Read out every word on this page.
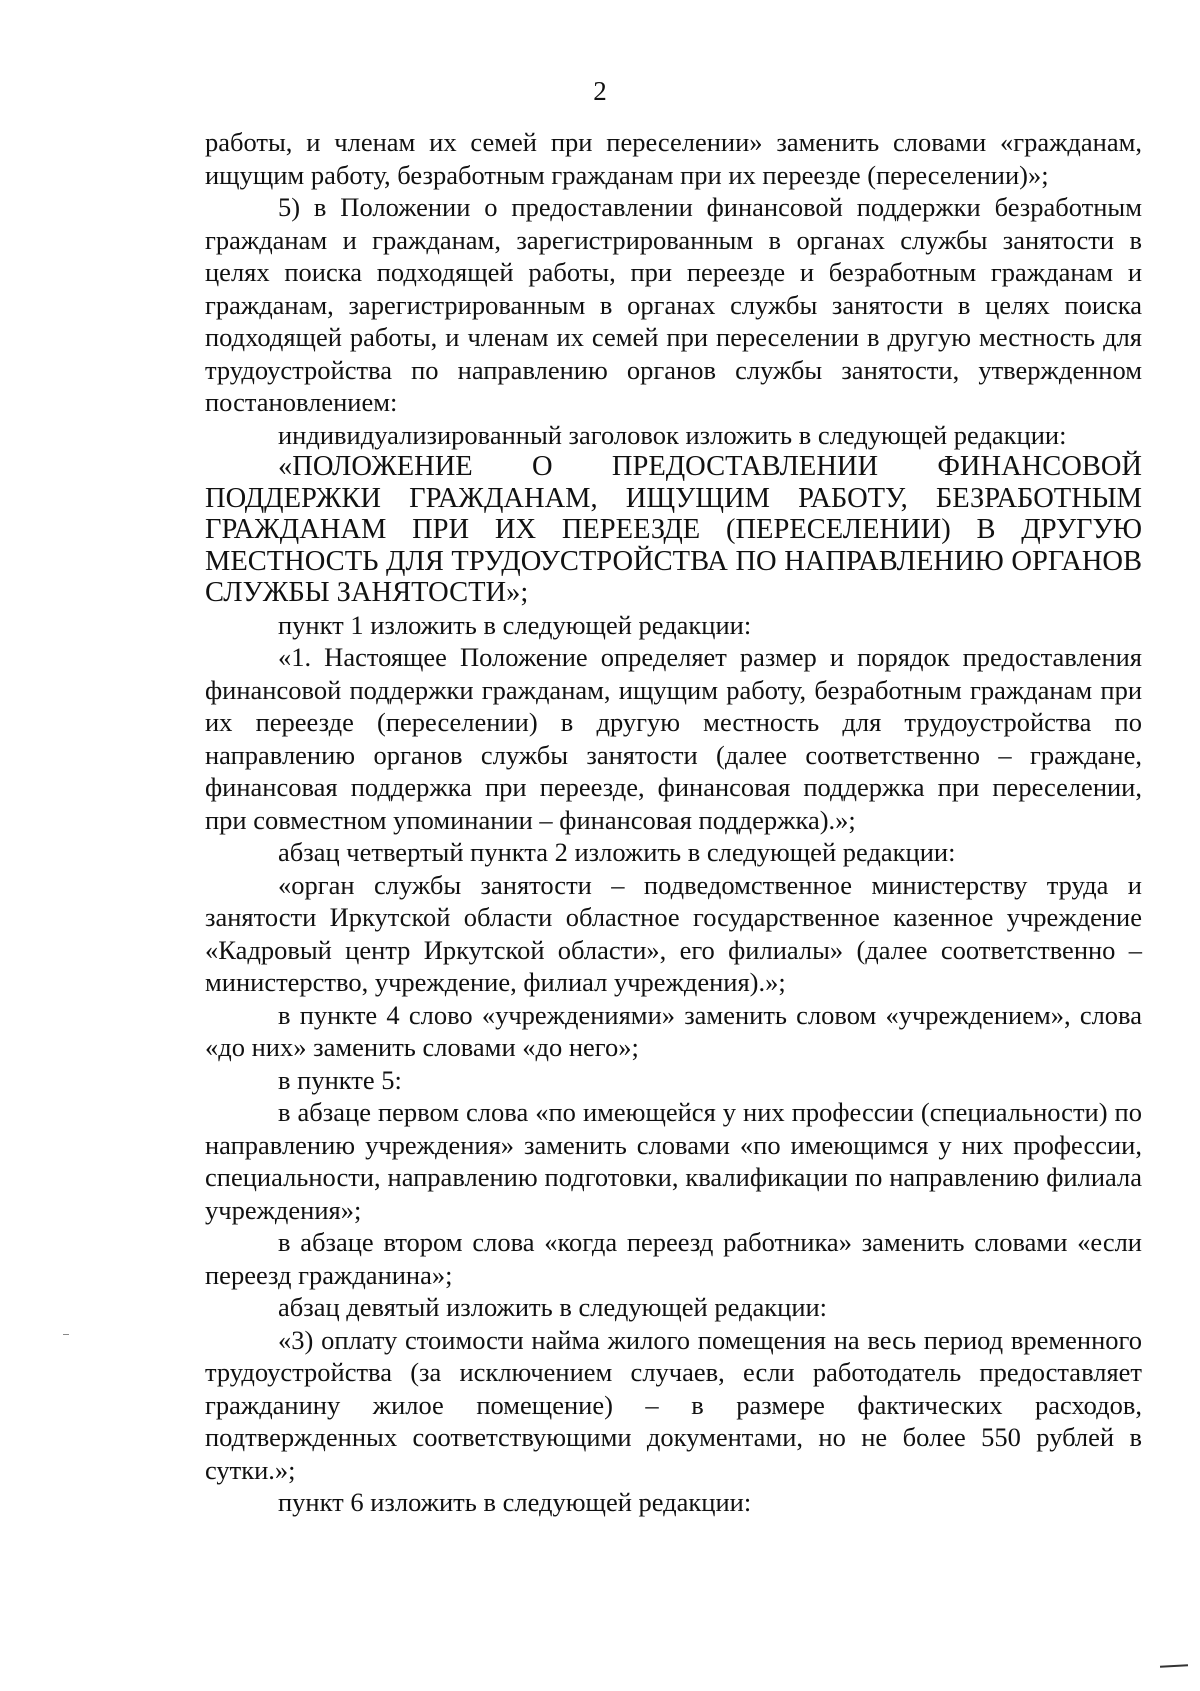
2

работы, и членам их семей при переселении» заменить словами «гражданам, ищущим работу, безработным гражданам при их переезде (переселении)»;

5) в Положении о предоставлении финансовой поддержки безработным гражданам и гражданам, зарегистрированным в органах службы занятости в целях поиска подходящей работы, при переезде и безработным гражданам и гражданам, зарегистрированным в органах службы занятости в целях поиска подходящей работы, и членам их семей при переселении в другую местность для трудоустройства по направлению органов службы занятости, утвержденном постановлением:

индивидуализированный заголовок изложить в следующей редакции:

«ПОЛОЖЕНИЕ О ПРЕДОСТАВЛЕНИИ ФИНАНСОВОЙ ПОДДЕРЖКИ ГРАЖДАНАМ, ИЩУЩИМ РАБОТУ, БЕЗРАБОТНЫМ ГРАЖДАНАМ ПРИ ИХ ПЕРЕЕЗДЕ (ПЕРЕСЕЛЕНИИ) В ДРУГУЮ МЕСТНОСТЬ ДЛЯ ТРУДОУСТРОЙСТВА ПО НАПРАВЛЕНИЮ ОРГАНОВ СЛУЖБЫ ЗАНЯТОСТИ»;

пункт 1 изложить в следующей редакции:

«1. Настоящее Положение определяет размер и порядок предоставления финансовой поддержки гражданам, ищущим работу, безработным гражданам при их переезде (переселении) в другую местность для трудоустройства по направлению органов службы занятости (далее соответственно – граждане, финансовая поддержка при переезде, финансовая поддержка при переселении, при совместном упоминании – финансовая поддержка).»;

абзац четвертый пункта 2 изложить в следующей редакции:

«орган службы занятости – подведомственное министерству труда и занятости Иркутской области областное государственное казенное учреждение «Кадровый центр Иркутской области», его филиалы» (далее соответственно – министерство, учреждение, филиал учреждения).»;

в пункте 4 слово «учреждениями» заменить словом «учреждением», слова «до них» заменить словами «до него»;

в пункте 5:

в абзаце первом слова «по имеющейся у них профессии (специальности) по направлению учреждения» заменить словами «по имеющимся у них профессии, специальности, направлению подготовки, квалификации по направлению филиала учреждения»;

в абзаце втором слова «когда переезд работника» заменить словами «если переезд гражданина»;

абзац девятый изложить в следующей редакции:

«3) оплату стоимости найма жилого помещения на весь период временного трудоустройства (за исключением случаев, если работодатель предоставляет гражданину жилое помещение) – в размере фактических расходов, подтвержденных соответствующими документами, но не более 550 рублей в сутки.»;

пункт 6 изложить в следующей редакции:
